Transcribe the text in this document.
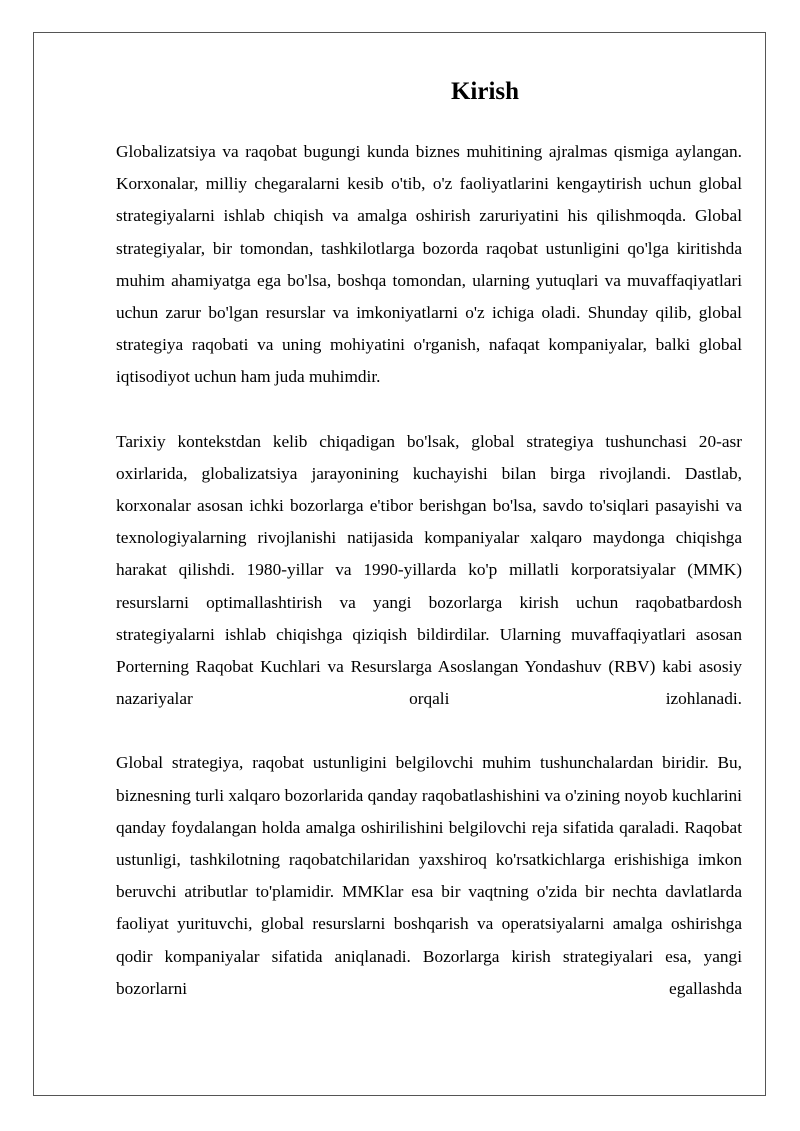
Kirish

Globalizatsiya va raqobat bugungi kunda biznes muhitining ajralmas qismiga aylangan. Korxonalar, milliy chegaralarni kesib o'tib, o'z faoliyatlarini kengaytirish uchun global strategiyalarni ishlab chiqish va amalga oshirish zaruriyatini his qilishmoqda. Global strategiyalar, bir tomondan, tashkilotlarga bozorda raqobat ustunligini qo'lga kiritishda muhim ahamiyatga ega bo'lsa, boshqa tomondan, ularning yutuqlari va muvaffaqiyatlari uchun zarur bo'lgan resurslar va imkoniyatlarni o'z ichiga oladi. Shunday qilib, global strategiya raqobati va uning mohiyatini o'rganish, nafaqat kompaniyalar, balki global iqtisodiyot uchun ham juda muhimdir.

Tarixiy kontekstdan kelib chiqadigan bo'lsak, global strategiya tushunchasi 20-asr oxirlarida, globalizatsiya jarayonining kuchayishi bilan birga rivojlandi. Dastlab, korxonalar asosan ichki bozorlarga e'tibor berishgan bo'lsa, savdo to'siqlari pasayishi va texnologiyalarning rivojlanishi natijasida kompaniyalar xalqaro maydonga chiqishga harakat qilishdi. 1980-yillar va 1990-yillarda ko'p millatli korporatsiyalar (MMK) resurslarni optimallashtirish va yangi bozorlarga kirish uchun raqobatbardosh strategiyalarni ishlab chiqishga qiziqish bildirdilar. Ularning muvaffaqiyatlari asosan Porterning Raqobat Kuchlari va Resurslarga Asoslangan Yondashuv (RBV) kabi asosiy nazariyalar orqali izohlanadi.

Global strategiya, raqobat ustunligini belgilovchi muhim tushunchalardan biridir. Bu, biznesning turli xalqaro bozorlarida qanday raqobatlashishini va o'zining noyob kuchlarini qanday foydalangan holda amalga oshirilishini belgilovchi reja sifatida qaraladi. Raqobat ustunligi, tashkilotning raqobatchilaridan yaxshiroq ko'rsatkichlarga erishishiga imkon beruvchi atributlar to'plamidir. MMKlar esa bir vaqtning o'zida bir nechta davlatlarda faoliyat yurituvchi, global resurslarni boshqarish va operatsiyalarni amalga oshirishga qodir kompaniyalar sifatida aniqlanadi. Bozorlarga kirish strategiyalari esa, yangi bozorlarni egallashda
